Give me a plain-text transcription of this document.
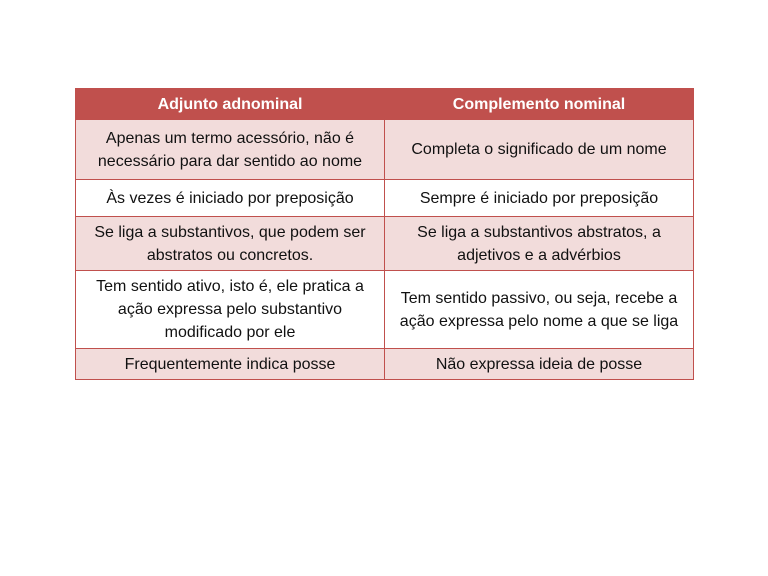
Adjunto adnominal	Complemento nominal
Apenas um termo acessório, não é necessário para dar sentido ao nome	Completa o significado de um nome
Às vezes é iniciado por preposição	Sempre é iniciado por preposição
Se liga a substantivos, que podem ser abstratos ou concretos.	Se liga a substantivos abstratos, a adjetivos e a advérbios
Tem sentido ativo, isto é, ele pratica a ação expressa pelo substantivo modificado por ele	Tem sentido passivo, ou seja, recebe a ação expressa pelo nome a que se liga
Frequentemente indica posse	Não expressa ideia de posse
